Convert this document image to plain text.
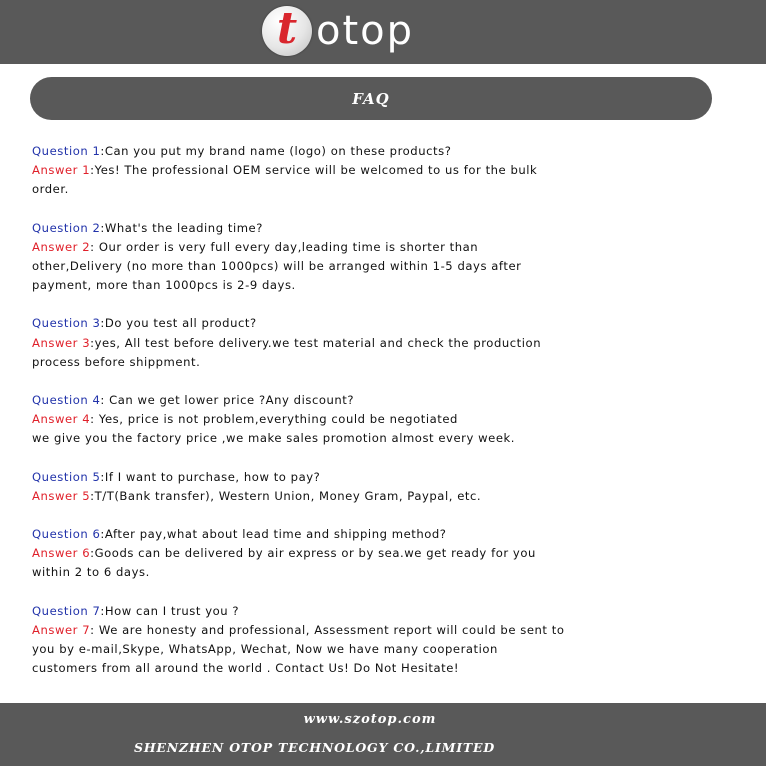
t otop
FAQ
Question 1:Can you put my brand name (logo) on these products?
Answer 1:Yes! The professional OEM service will be welcomed to us for the bulk
order.
Question 2:What's the leading time?
Answer 2: Our order is very full every day,leading time is shorter than
other,Delivery (no more than 1000pcs) will be arranged within 1-5 days after
payment, more than 1000pcs is 2-9 days.
Question 3:Do you test all product?
Answer 3:yes, All test before delivery.we test material and check the production
process before shippment.
Question 4: Can we get lower price ?Any discount?
Answer 4: Yes, price is not problem,everything could be negotiated
we give you the factory price ,we make sales promotion almost every week.
Question 5:If I want to purchase, how to pay?
Answer 5:T/T(Bank transfer), Western Union, Money Gram, Paypal, etc.
Question 6:After pay,what about lead time and shipping method?
Answer 6:Goods can be delivered by air express or by sea.we get ready for you
within 2 to 6 days.
Question 7:How can I trust you ?
Answer 7: We are honesty and professional, Assessment report will could be sent to
you by e-mail,Skype, WhatsApp, Wechat, Now we have many cooperation
customers from all around the world . Contact Us! Do Not Hesitate!
www.szotop.com
SHENZHEN OTOP TECHNOLOGY CO.,LIMITED
